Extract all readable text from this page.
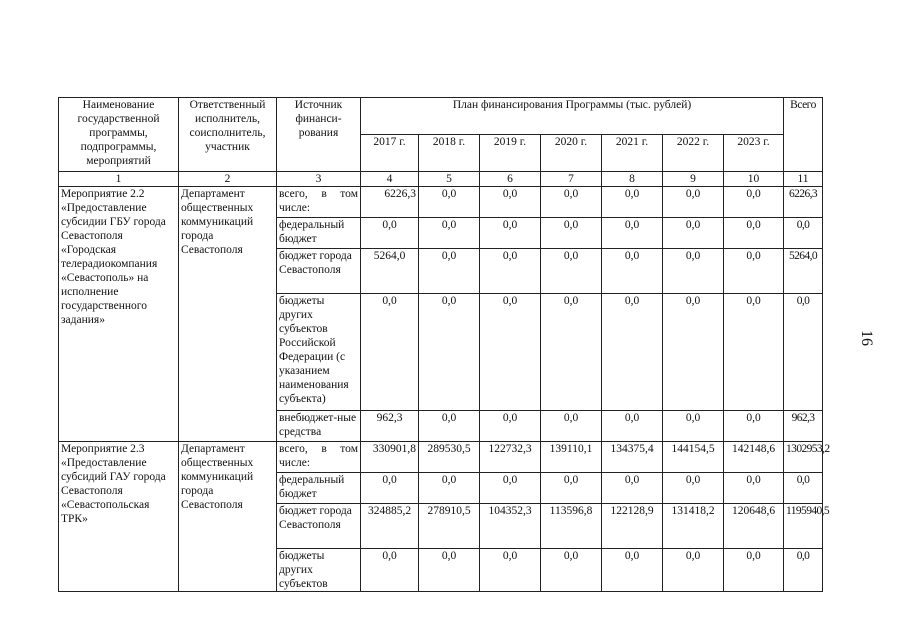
Наименование государственной программы, подпрограммы, мероприятий	Ответственный исполнитель, соисполнитель, участник	Источник финанси-рования	План финансирования Программы (тыс. рублей)							Всего
			2017 г.	2018 г.	2019 г.	2020 г.	2021 г.	2022 г.	2023 г.	
1	2	3	4	5	6	7	8	9	10	11
Мероприятие 2.2 «Предоставление субсидии ГБУ города Севастополя «Городская телерадиокомпания «Севастополь» на исполнение государственного задания»	Департамент общественных коммуникаций города Севастополя	всего, в том числе:	6226,3	0,0	0,0	0,0	0,0	0,0	0,0	6226,3
		федеральный бюджет	0,0	0,0	0,0	0,0	0,0	0,0	0,0	0,0
		бюджет города Севастополя	5264,0	0,0	0,0	0,0	0,0	0,0	0,0	5264,0
		бюджеты других субъектов Российской Федерации (с указанием наименования субъекта)	0,0	0,0	0,0	0,0	0,0	0,0	0,0	0,0
		внебюджет-ные средства	962,3	0,0	0,0	0,0	0,0	0,0	0,0	962,3
Мероприятие 2.3 «Предоставление субсидий ГАУ города Севастополя «Севастопольская ТРК»	Департамент общественных коммуникаций города Севастополя	всего, в том числе:	330901,8	289530,5	122732,3	139110,1	134375,4	144154,5	142148,6	1302953,2
		федеральный бюджет	0,0	0,0	0,0	0,0	0,0	0,0	0,0	0,0
		бюджет города Севастополя	324885,2	278910,5	104352,3	113596,8	122128,9	131418,2	120648,6	1195940,5
		бюджеты других субъектов	0,0	0,0	0,0	0,0	0,0	0,0	0,0	0,0
16
